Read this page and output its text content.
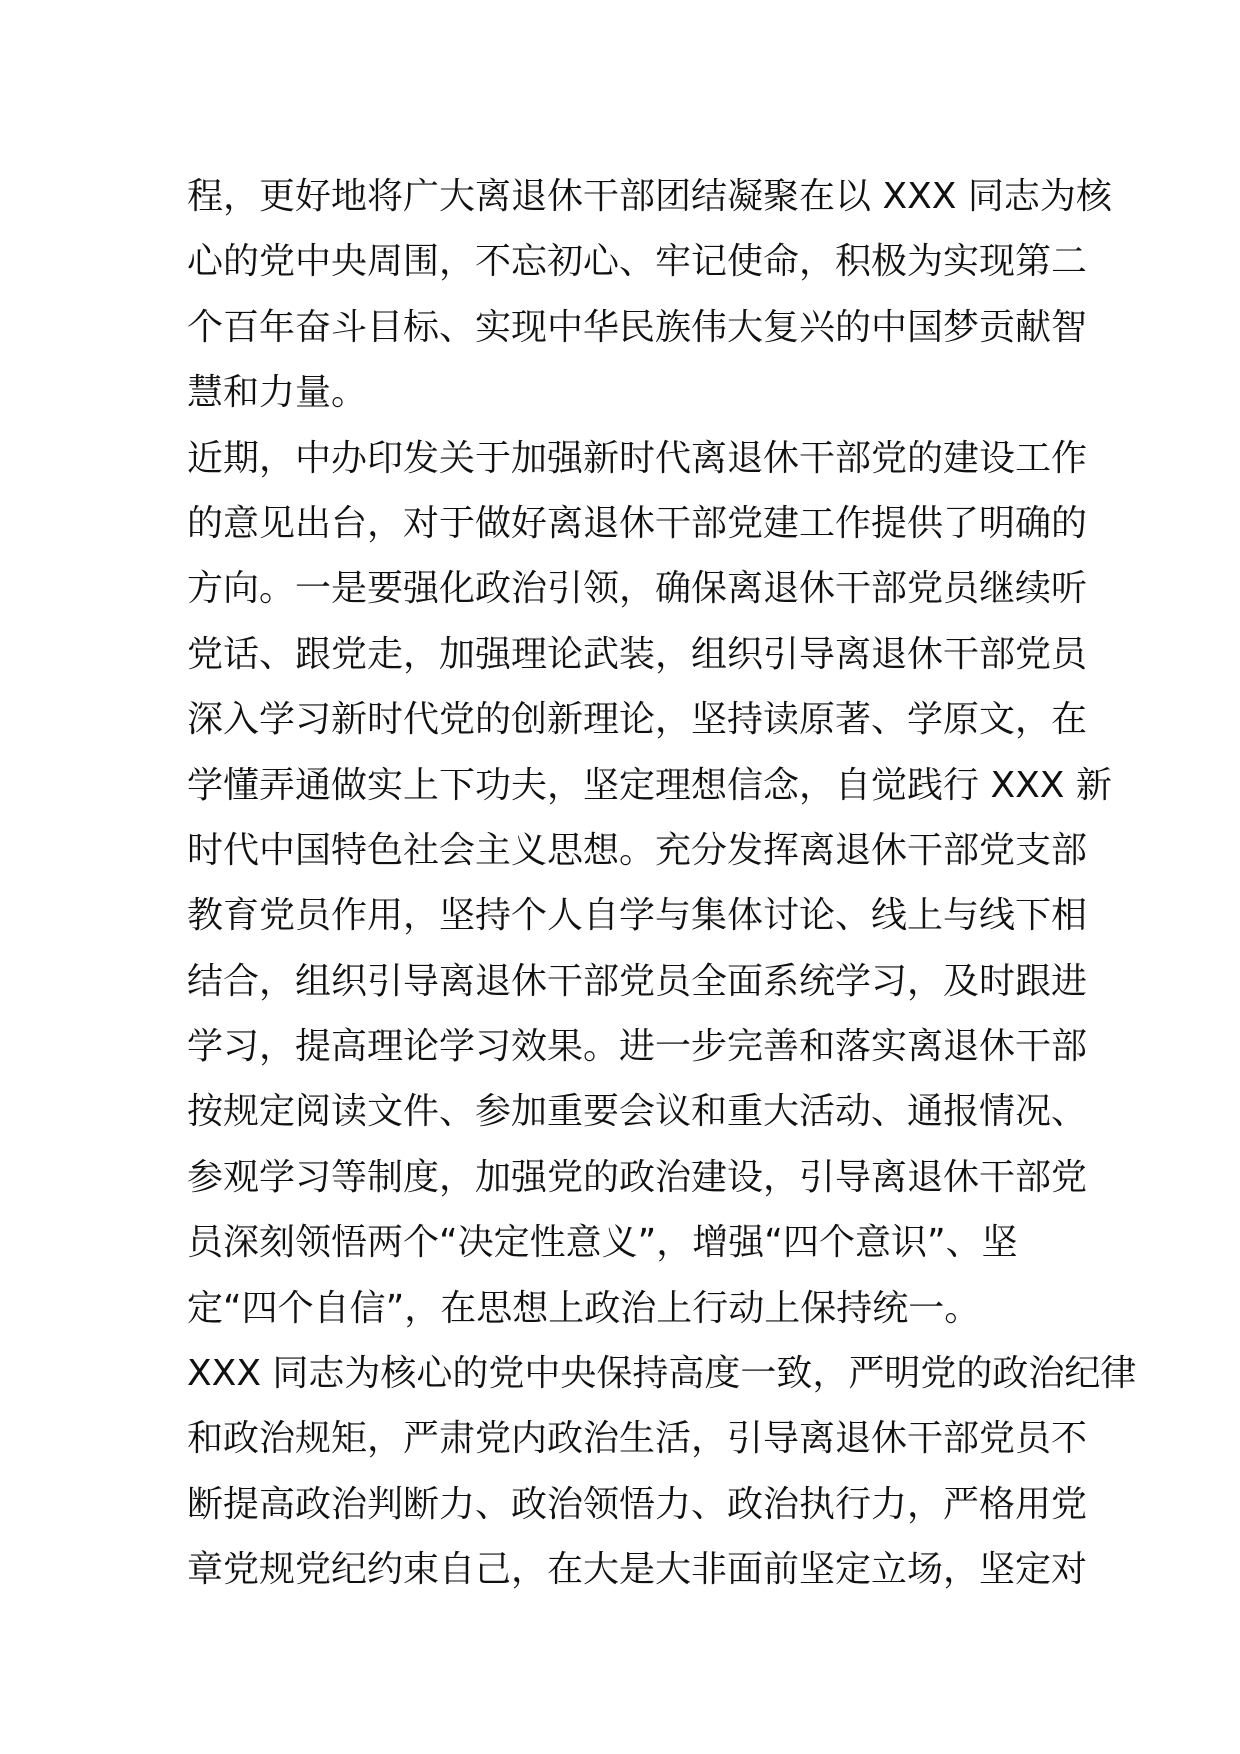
程，更好地将广大离退休干部团结凝聚在以 XXX 同志为核
心的党中央周围，不忘初心、牢记使命，积极为实现第二
个百年奋斗目标、实现中华民族伟大复兴的中国梦贡献智
慧和力量。
近期，中办印发关于加强新时代离退休干部党的建设工作
的意见出台，对于做好离退休干部党建工作提供了明确的
方向。一是要强化政治引领，确保离退休干部党员继续听
党话、跟党走，加强理论武装，组织引导离退休干部党员
深入学习新时代党的创新理论，坚持读原著、学原文，在
学懂弄通做实上下功夫，坚定理想信念，自觉践行 XXX 新
时代中国特色社会主义思想。充分发挥离退休干部党支部
教育党员作用，坚持个人自学与集体讨论、线上与线下相
结合，组织引导离退休干部党员全面系统学习，及时跟进
学习，提高理论学习效果。进一步完善和落实离退休干部
按规定阅读文件、参加重要会议和重大活动、通报情况、
参观学习等制度，加强党的政治建设，引导离退休干部党
员深刻领悟两个“决定性意义”，增强“四个意识”、坚
定“四个自信”，在思想上政治上行动上保持统一。
XXX 同志为核心的党中央保持高度一致，严明党的政治纪律
和政治规矩，严肃党内政治生活，引导离退休干部党员不
断提高政治判断力、政治领悟力、政治执行力，严格用党
章党规党纪约束自己，在大是大非面前坚定立场，坚定对
